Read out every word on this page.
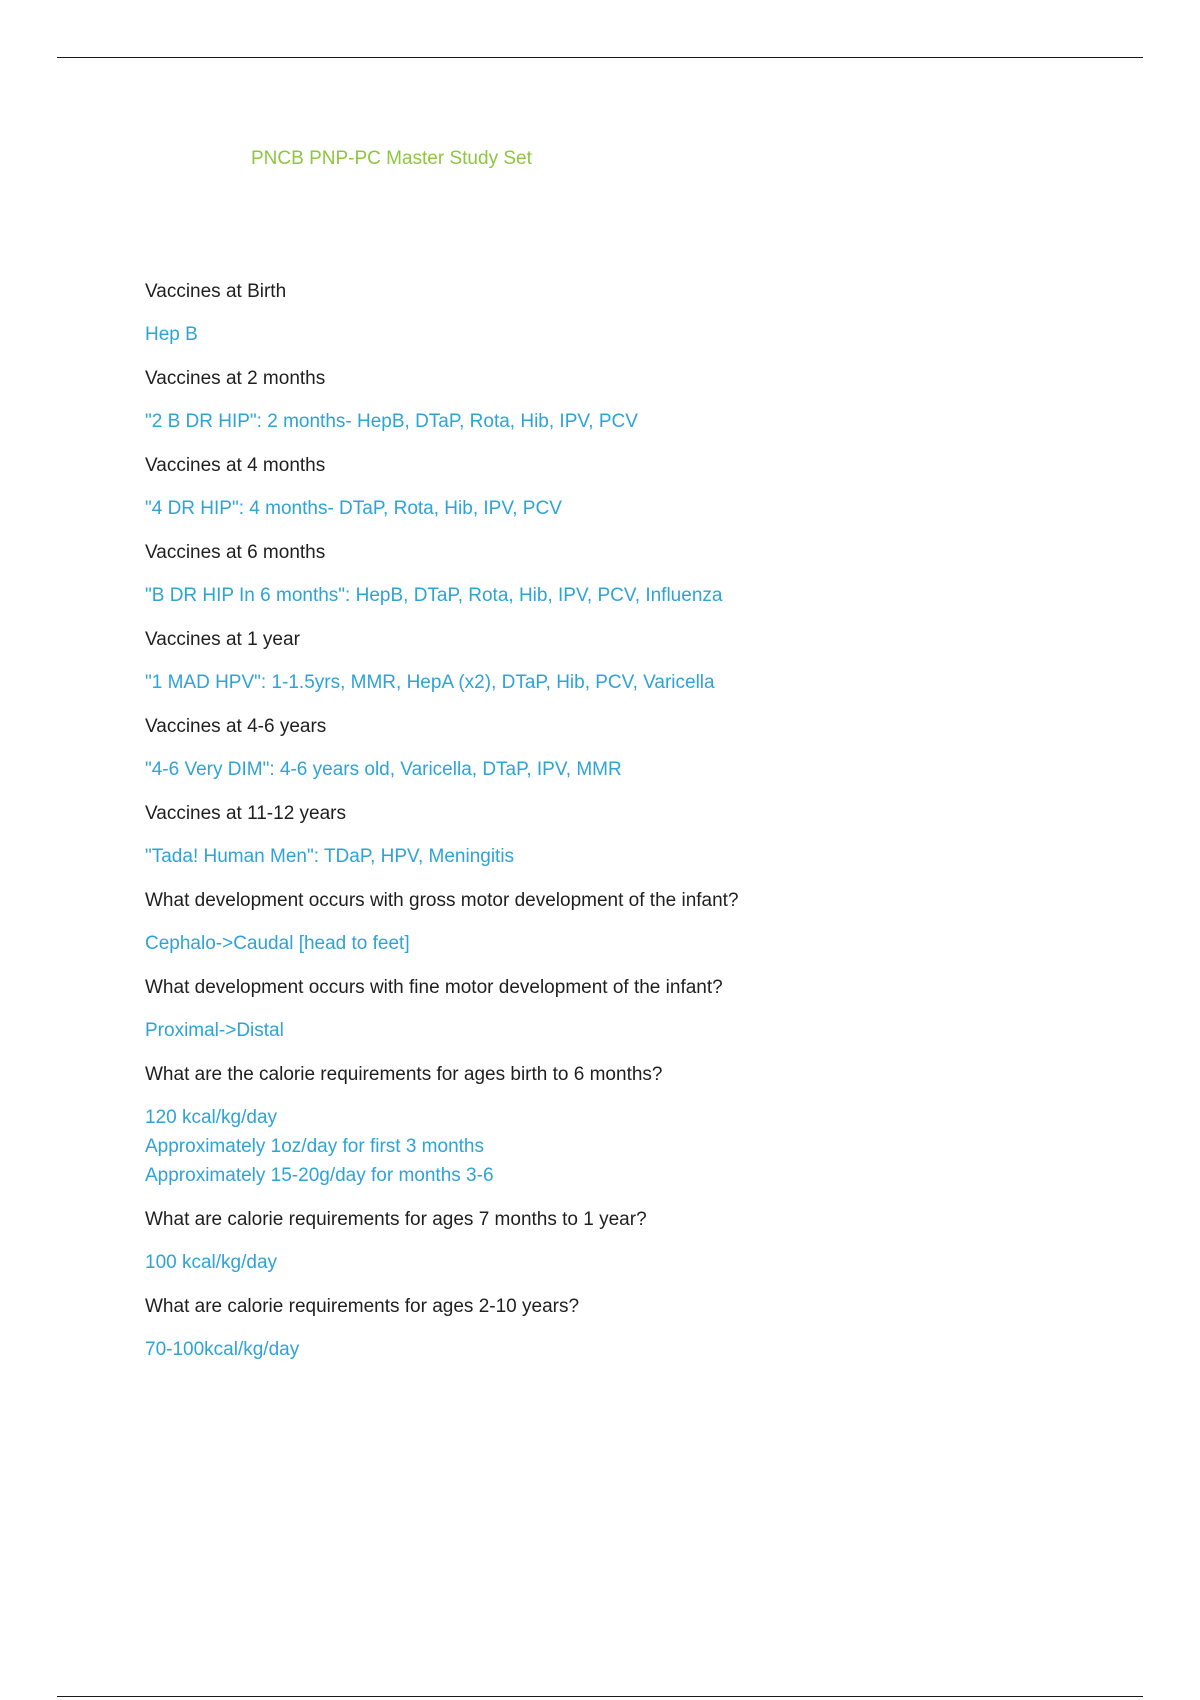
PNCB PNP-PC Master Study Set
Vaccines at Birth
Hep B
Vaccines at 2 months
"2 B DR HIP": 2 months- HepB, DTaP, Rota, Hib, IPV, PCV
Vaccines at 4 months
"4 DR HIP": 4 months- DTaP, Rota, Hib, IPV, PCV
Vaccines at 6 months
"B DR HIP In 6 months": HepB, DTaP, Rota, Hib, IPV, PCV, Influenza
Vaccines at 1 year
"1 MAD HPV": 1-1.5yrs, MMR, HepA (x2), DTaP, Hib, PCV, Varicella
Vaccines at 4-6 years
"4-6 Very DIM": 4-6 years old, Varicella, DTaP, IPV, MMR
Vaccines at 11-12 years
"Tada! Human Men": TDaP, HPV, Meningitis
What development occurs with gross motor development of the infant?
Cephalo->Caudal [head to feet]
What development occurs with fine motor development of the infant?
Proximal->Distal
What are the calorie requirements for ages birth to 6 months?
120 kcal/kg/day
Approximately 1oz/day for first 3 months
Approximately 15-20g/day for months 3-6
What are calorie requirements for ages 7 months to 1 year?
100 kcal/kg/day
What are calorie requirements for ages 2-10 years?
70-100kcal/kg/day
